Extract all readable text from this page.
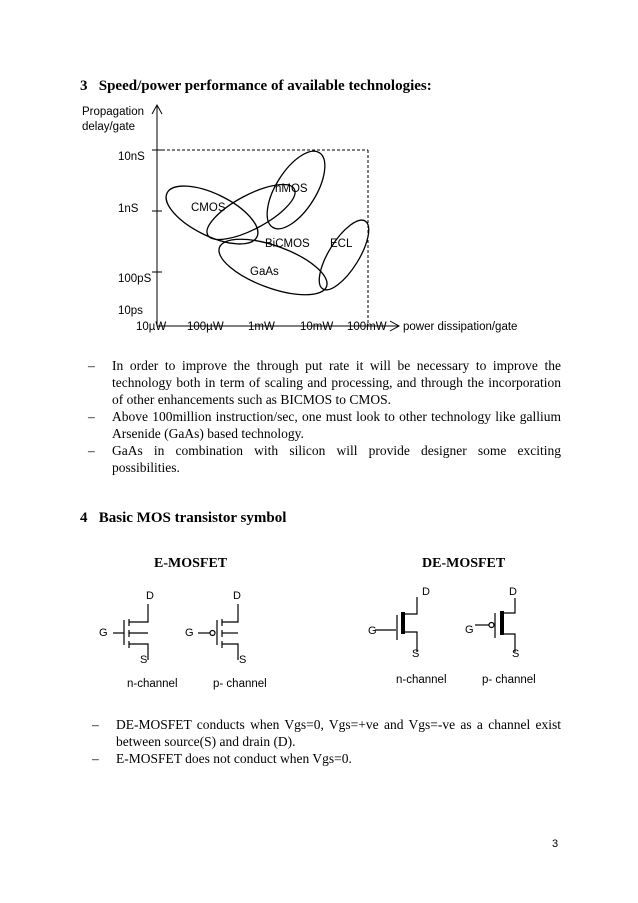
3 Speed/power performance of available technologies:
Propagation delay/gate
10nS
1nS
100pS
10ps
10µW 100µW 1mW 10mW 100mW power dissipation/gate
CMOS
nMOS
BiCMOS ECL
GaAs
– In order to improve the through put rate it will be necessary to improve the technology both in term of scaling and processing, and through the incorporation of other enhancements such as BICMOS to CMOS.
– Above 100million instruction/sec, one must look to other technology like gallium Arsenide (GaAs) based technology.
– GaAs in combination with silicon will provide designer some exciting possibilities.
4 Basic MOS transistor symbol
E-MOSFET	DE-MOSFET
D
G
S
D
G
S
D
G
S
D
G
S
n-channel	p- channel	n-channel	p- channel
– DE-MOSFET conducts when Vgs=0, Vgs=+ve and Vgs=-ve as a channel exist between source(S) and drain (D).
– E-MOSFET does not conduct when Vgs=0.
3
